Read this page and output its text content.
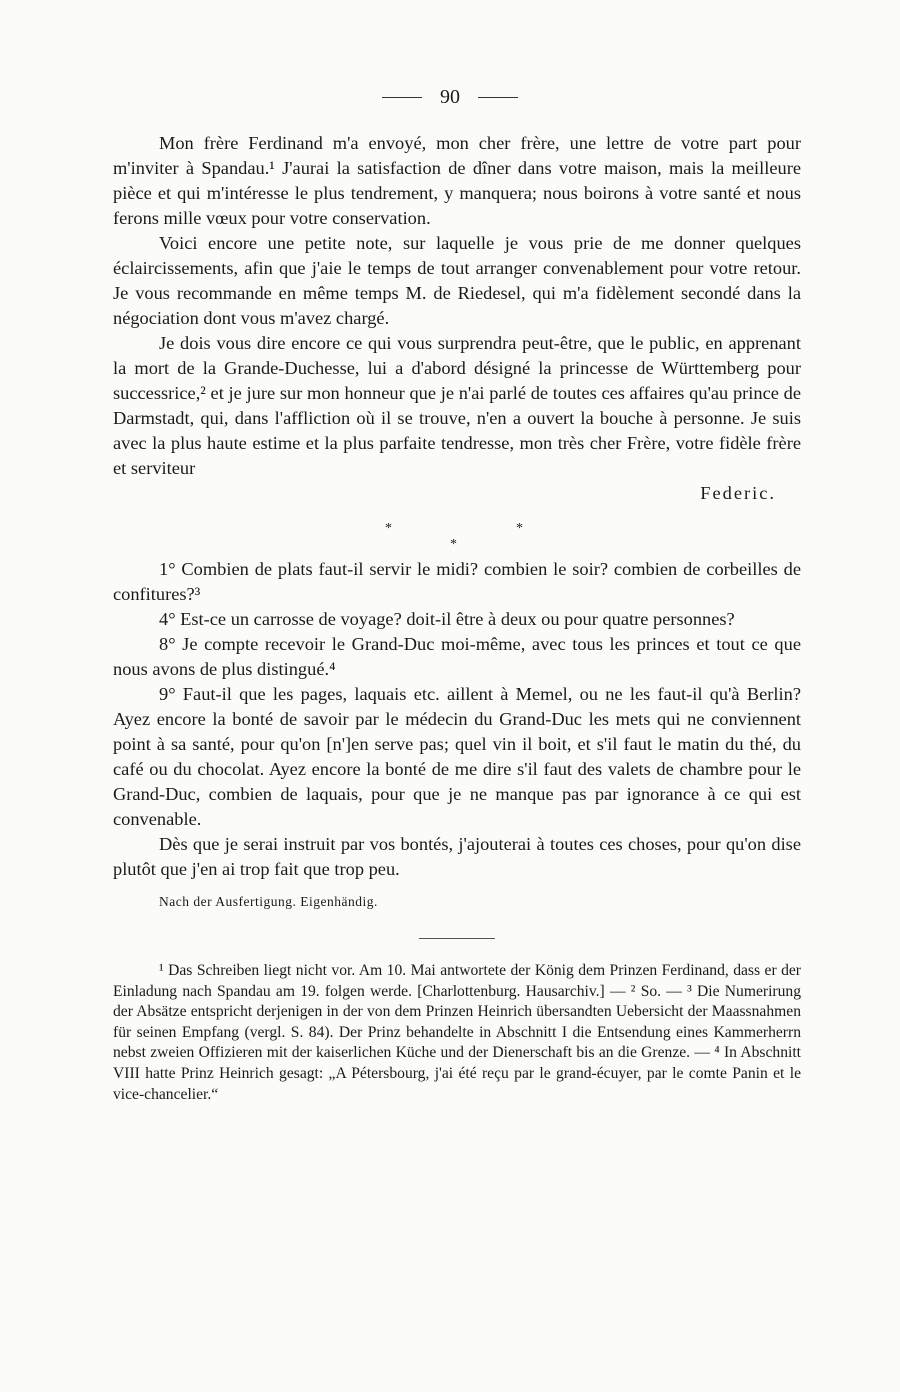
90

Mon frère Ferdinand m'a envoyé, mon cher frère, une lettre de votre part pour m'inviter à Spandau.¹ J'aurai la satisfaction de dîner dans votre maison, mais la meilleure pièce et qui m'intéresse le plus tendrement, y manquera; nous boirons à votre santé et nous ferons mille vœux pour votre conservation.

Voici encore une petite note, sur laquelle je vous prie de me donner quelques éclaircissements, afin que j'aie le temps de tout arranger convenablement pour votre retour. Je vous recommande en même temps M. de Riedesel, qui m'a fidèlement secondé dans la négociation dont vous m'avez chargé.

Je dois vous dire encore ce qui vous surprendra peut-être, que le public, en apprenant la mort de la Grande-Duchesse, lui a d'abord désigné la princesse de Württemberg pour successrice,² et je jure sur mon honneur que je n'ai parlé de toutes ces affaires qu'au prince de Darmstadt, qui, dans l'affliction où il se trouve, n'en a ouvert la bouche à personne. Je suis avec la plus haute estime et la plus parfaite tendresse, mon très cher Frère, votre fidèle frère et serviteur

Federic.

*	*
*

1° Combien de plats faut-il servir le midi? combien le soir? combien de corbeilles de confitures?³

4° Est-ce un carrosse de voyage? doit-il être à deux ou pour quatre personnes?

8° Je compte recevoir le Grand-Duc moi-même, avec tous les princes et tout ce que nous avons de plus distingué.⁴

9° Faut-il que les pages, laquais etc. aillent à Memel, ou ne les faut-il qu'à Berlin? Ayez encore la bonté de savoir par le médecin du Grand-Duc les mets qui ne conviennent point à sa santé, pour qu'on [n']en serve pas; quel vin il boit, et s'il faut le matin du thé, du café ou du chocolat. Ayez encore la bonté de me dire s'il faut des valets de chambre pour le Grand-Duc, combien de laquais, pour que je ne manque pas par ignorance à ce qui est convenable.

Dès que je serai instruit par vos bontés, j'ajouterai à toutes ces choses, pour qu'on dise plutôt que j'en ai trop fait que trop peu.

Nach der Ausfertigung. Eigenhändig.

¹ Das Schreiben liegt nicht vor. Am 10. Mai antwortete der König dem Prinzen Ferdinand, dass er der Einladung nach Spandau am 19. folgen werde. [Charlottenburg. Hausarchiv.] — ² So. — ³ Die Numerirung der Absätze entspricht derjenigen in der von dem Prinzen Heinrich übersandten Uebersicht der Maassnahmen für seinen Empfang (vergl. S. 84). Der Prinz behandelte in Abschnitt I die Entsendung eines Kammerherrn nebst zweien Offizieren mit der kaiserlichen Küche und der Dienerschaft bis an die Grenze. — ⁴ In Abschnitt VIII hatte Prinz Heinrich gesagt: „A Pétersbourg, j'ai été reçu par le grand-écuyer, par le comte Panin et le vice-chancelier.“
